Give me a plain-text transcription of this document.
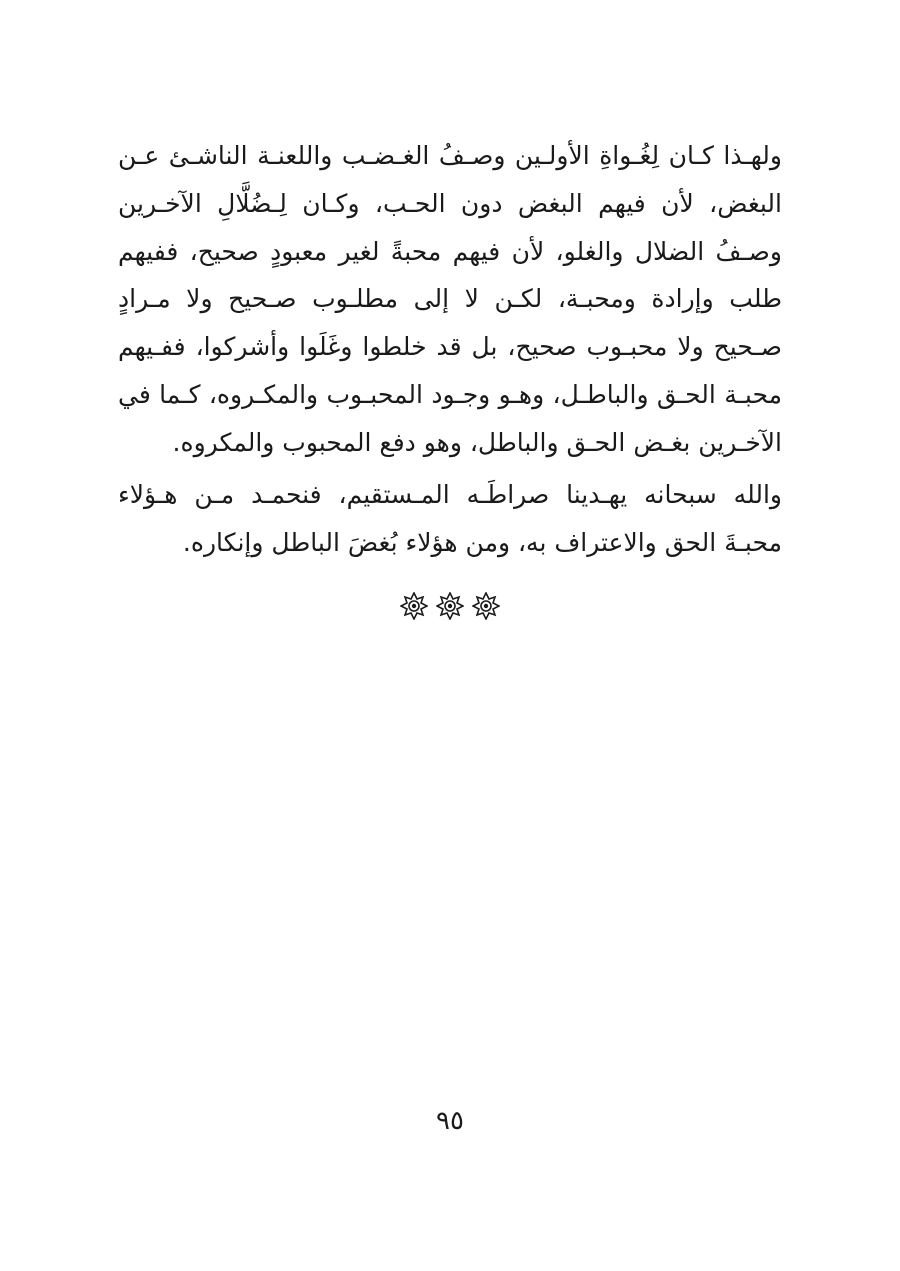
ولهـذا كـان لِغُـواةِ الأولـين وصـفُ الغـضـب واللعنـة الناشـئ عـن البغض، لأن فيهم البغض دون الحـب، وكـان لِـضُلَّالِ الآخـرين وصـفُ الضلال والغلو، لأن فيهم محبةً لغير معبودٍ صحيح، ففيهم طلب وإرادة ومحبـة، لكـن لا إلى مطلـوب صـحيح ولا مـرادٍ صـحيح ولا محبـوب صحيح، بل قد خلطوا وغَلَوا وأشركوا، ففـيهم محبـة الحـق والباطـل، وهـو وجـود المحبـوب والمكـروه، كـما في الآخـرين بغـض الحـق والباطل، وهو دفع المحبوب والمكروه.

والله سبحانه يهـدينا صراطَـه المـستقيم، فنحمـد مـن هـؤلاء محبـةَ الحق والاعتراف به، ومن هؤلاء بُغضَ الباطل وإنكاره.

٩٥
